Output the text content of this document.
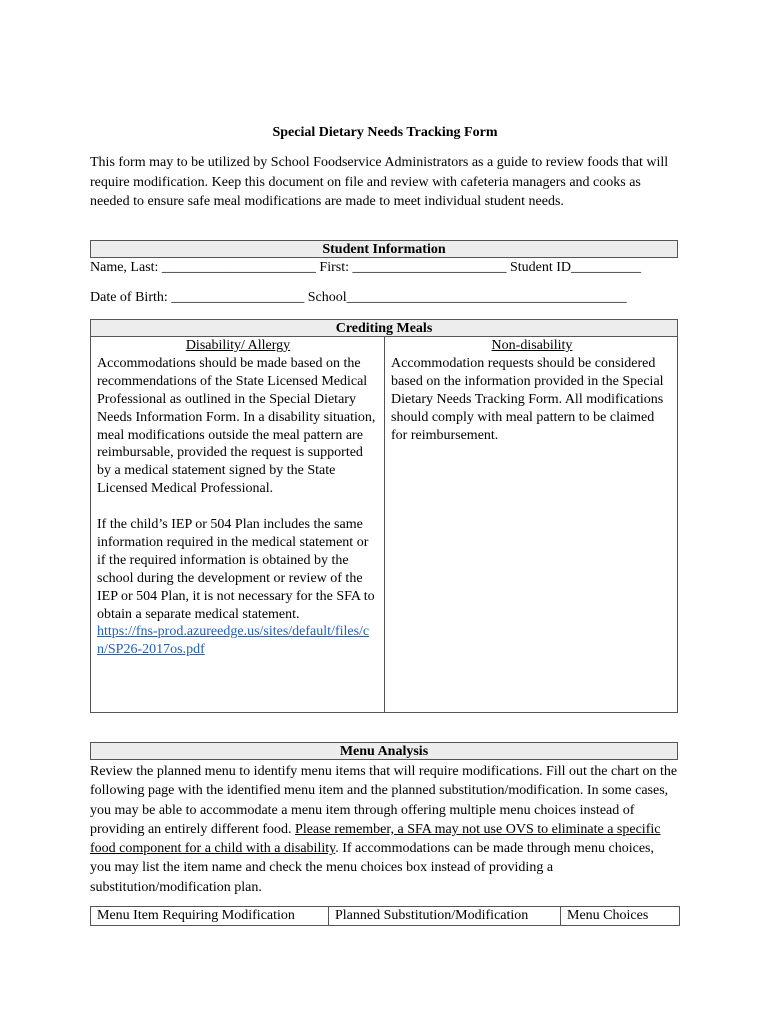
Special Dietary Needs Tracking Form
This form may to be utilized by School Foodservice Administrators as a guide to review foods that will require modification. Keep this document on file and review with cafeteria managers and cooks as needed to ensure safe meal modifications are made to meet individual student needs.
Student Information
Name, Last: ______________________ First: ______________________ Student ID__________
Date of Birth: ___________________ School________________________________________
Crediting Meals
Disability/ Allergy

Accommodations should be made based on the recommendations of the State Licensed Medical Professional as outlined in the Special Dietary Needs Information Form. In a disability situation, meal modifications outside the meal pattern are reimbursable, provided the request is supported by a medical statement signed by the State Licensed Medical Professional.

If the child’s IEP or 504 Plan includes the same information required in the medical statement or if the required information is obtained by the school during the development or review of the IEP or 504 Plan, it is not necessary for the SFA to obtain a separate medical statement.

https://fns-prod.azureedge.us/sites/default/files/cn/SP26-2017os.pdf
Non-disability

Accommodation requests should be considered based on the information provided in the Special Dietary Needs Tracking Form. All modifications should comply with meal pattern to be claimed for reimbursement.

Menu Analysis
Review the planned menu to identify menu items that will require modifications. Fill out the chart on the following page with the identified menu item and the planned substitution/modification. In some cases, you may be able to accommodate a menu item through offering multiple menu choices instead of providing an entirely different food. Please remember, a SFA may not use OVS to eliminate a specific food component for a child with a disability. If accommodations can be made through menu choices, you may list the item name and check the menu choices box instead of providing a substitution/modification plan.
Menu Item Requiring Modification	Planned Substitution/Modification	Menu Choices
